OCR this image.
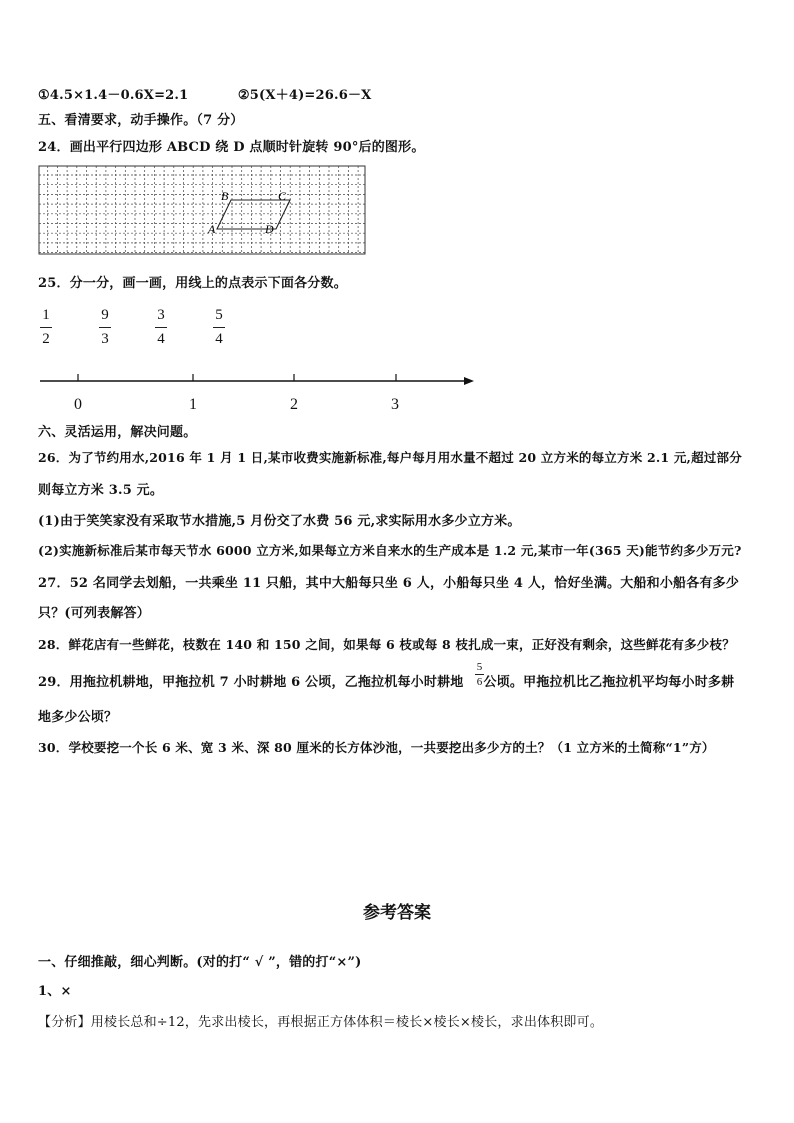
①4.5×1.4－0.6X=2.1	②5(X＋4)=26.6－X
五、看清要求，动手操作。（7 分）
24．画出平行四边形 ABCD 绕 D 点顺时针旋转 90°后的图形。
B	C
A	D
25．分一分，画一画，用线上的点表示下面各分数。
1
2
9
3
3
4
5
4
0	1	2	3
六、灵活运用，解决问题。
26．为了节约用水,2016 年 1 月 1 日,某市收费实施新标准,每户每月用水量不超过 20 立方米的每立方米 2.1 元,超过部分
则每立方米 3.5 元。
(1)由于笑笑家没有采取节水措施,5 月份交了水费 56 元,求实际用水多少立方米。
(2)实施新标准后某市每天节水 6000 立方米,如果每立方米自来水的生产成本是 1.2 元,某市一年(365 天)能节约多少万元?
27．52 名同学去划船，一共乘坐 11 只船，其中大船每只坐 6 人，小船每只坐 4 人，恰好坐满。大船和小船各有多少
只？(可列表解答）
28．鲜花店有一些鲜花，枝数在 140 和 150 之间，如果每 6 枝或每 8 枝扎成一束，正好没有剩余，这些鲜花有多少枝？
29．用拖拉机耕地，甲拖拉机 7 小时耕地 6 公顷，乙拖拉机每小时耕地 公顷。甲拖拉机比乙拖拉机平均每小时多耕
5
6
地多少公顷？
30．学校要挖一个长 6 米、宽 3 米、深 80 厘米的长方体沙池，一共要挖出多少方的土？（1 立方米的土简称“1”方）
参考答案
一、仔细推敲，细心判断。(对的打“ √ ”，错的打“×”)
1、×
【分析】用棱长总和÷12，先求出棱长，再根据正方体体积＝棱长×棱长×棱长，求出体积即可。
